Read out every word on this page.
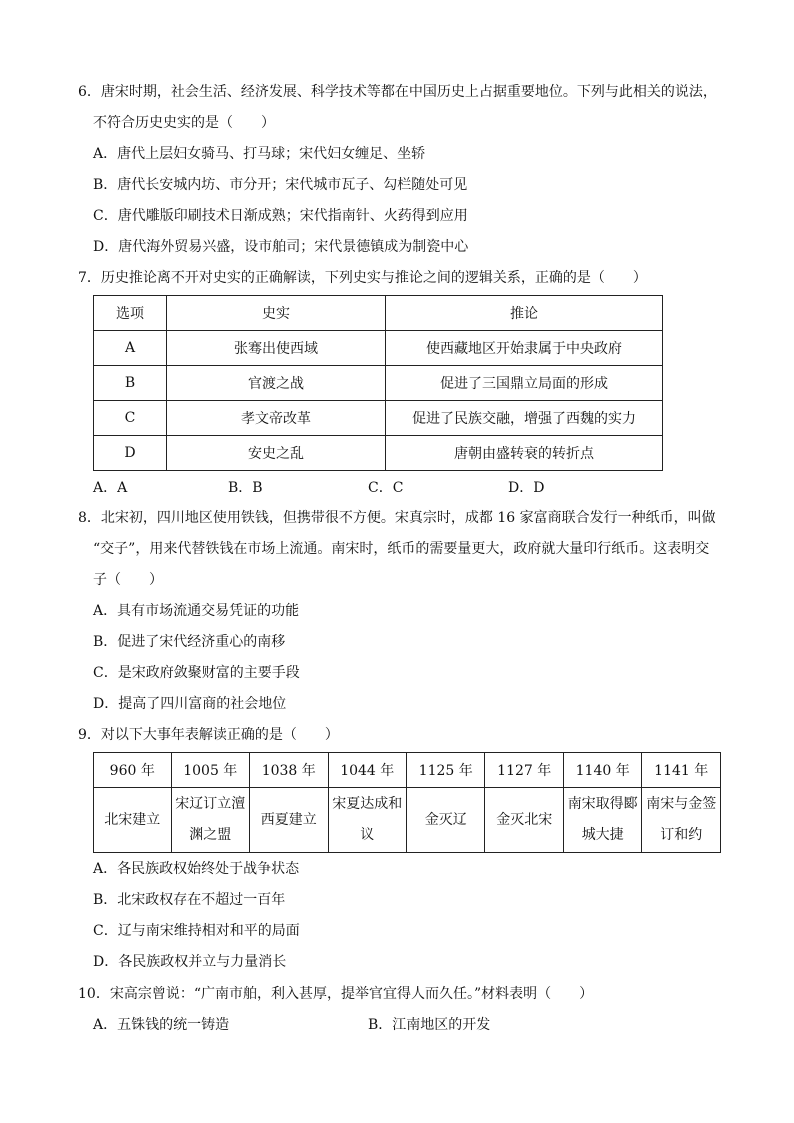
6．唐宋时期，社会生活、经济发展、科学技术等都在中国历史上占据重要地位。下列与此相关的说法，
不符合历史史实的是（　　）
A．唐代上层妇女骑马、打马球；宋代妇女缠足、坐轿
B．唐代长安城内坊、市分开；宋代城市瓦子、勾栏随处可见
C．唐代雕版印刷技术日渐成熟；宋代指南针、火药得到应用
D．唐代海外贸易兴盛，设市舶司；宋代景德镇成为制瓷中心
7．历史推论离不开对史实的正确解读，下列史实与推论之间的逻辑关系，正确的是（　　）
选项	史实	推论
A	张骞出使西域	使西藏地区开始隶属于中央政府
B	官渡之战	促进了三国鼎立局面的形成
C	孝文帝改革	促进了民族交融，增强了西魏的实力
D	安史之乱	唐朝由盛转衰的转折点
A．A	B．B	C．C	D．D
8．北宋初，四川地区使用铁钱，但携带很不方便。宋真宗时，成都 16 家富商联合发行一种纸币，叫做
“交子”，用来代替铁钱在市场上流通。南宋时，纸币的需要量更大，政府就大量印行纸币。这表明交
子（　　）
A．具有市场流通交易凭证的功能
B．促进了宋代经济重心的南移
C．是宋政府敛聚财富的主要手段
D．提高了四川富商的社会地位
9．对以下大事年表解读正确的是（　　）
960 年	1005 年	1038 年	1044 年	1125 年	1127 年	1140 年	1141 年
北宋建立	宋辽订立澶渊之盟	西夏建立	宋夏达成和议	金灭辽	金灭北宋	南宋取得郾城大捷	南宋与金签订和约
A．各民族政权始终处于战争状态
B．北宋政权存在不超过一百年
C．辽与南宋维持相对和平的局面
D．各民族政权并立与力量消长
10．宋高宗曾说：“广南市舶，利入甚厚，提举官宜得人而久任。”材料表明（　　）
A．五铢钱的统一铸造	B．江南地区的开发
